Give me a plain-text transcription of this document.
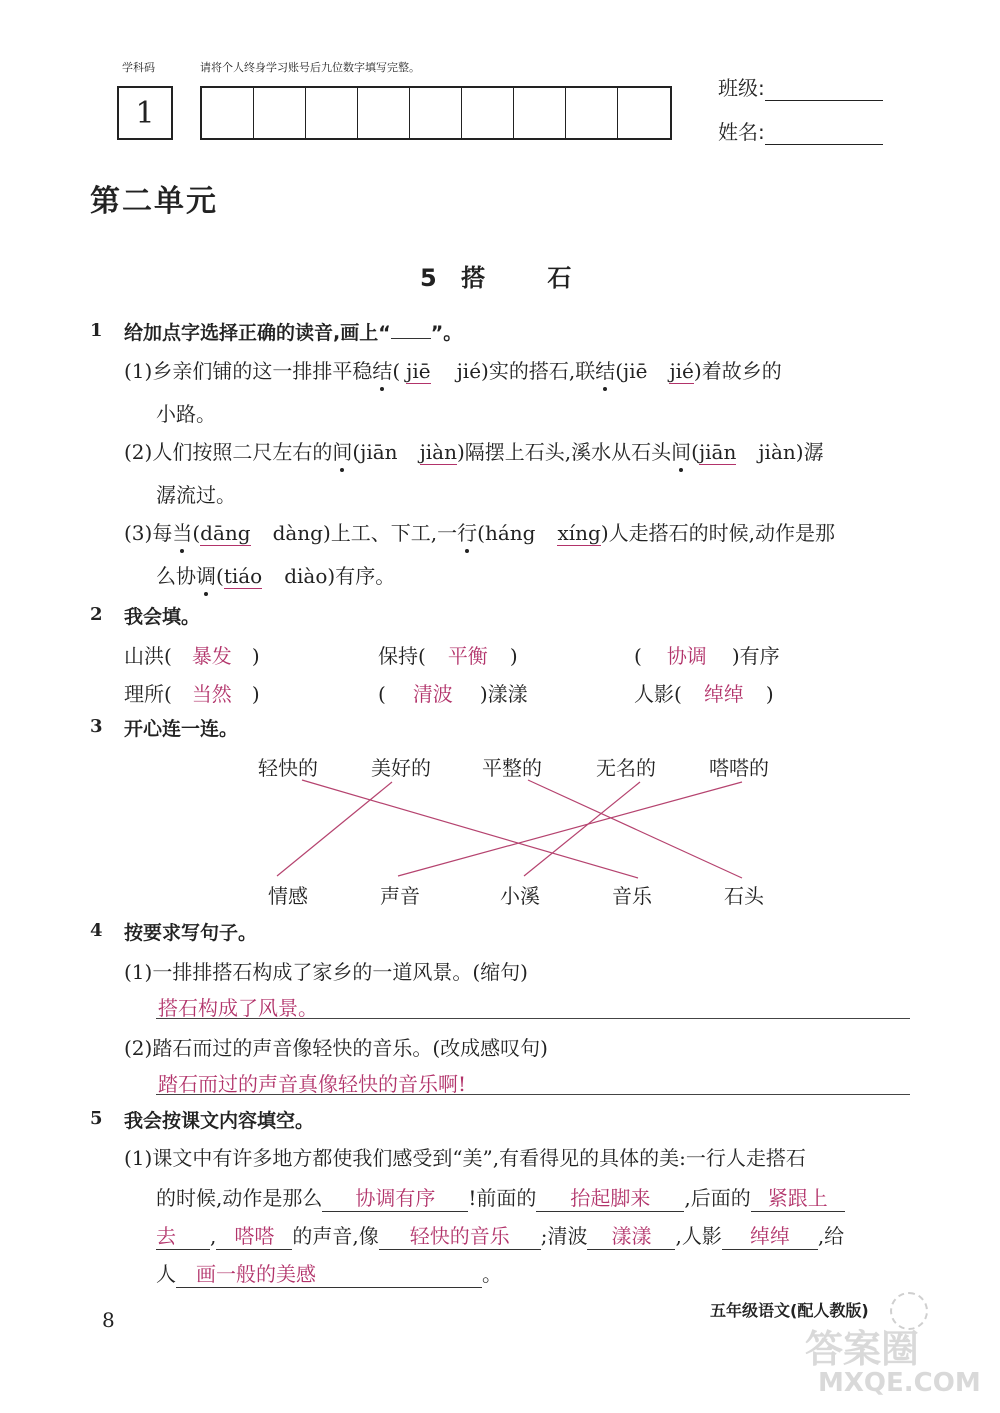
学科码	请将个人终身学习账号后九位数字填写完整。
1
班级:
姓名:
第二单元
5 搭	石
1 给加点字选择正确的读音,画上“ ”。
(1)乡亲们铺的这一排排平稳结( jiē jié)实的搭石,联结(jiē jié)着故乡的
小路。
(2)人们按照二尺左右的间(jiān jiàn)隔摆上石头,溪水从石头间(jiān jiàn)潺
潺流过。
(3)每当(dāng dàng)上工、下工,一行(háng xíng)人走搭石的时候,动作是那
么协调(tiáo diào)有序。
2 我会填。
山洪( 暴发 )	保持( 平衡 )	( 协调 )有序
理所( 当然 )	( 清波 )漾漾	人影( 绰绰 )
3 开心连一连。
轻快的	美好的	平整的	无名的	嗒嗒的
情感	声音	小溪	音乐	石头
4 按要求写句子。
(1)一排排搭石构成了家乡的一道风景。(缩句)
搭石构成了风景。
(2)踏石而过的声音像轻快的音乐。(改成感叹句)
踏石而过的声音真像轻快的音乐啊!
5 我会按课文内容填空。
(1)课文中有许多地方都使我们感受到“美”,有看得见的具体的美:一行人走搭石
的时候,动作是那么 协调有序 !前面的 抬起脚来 ,后面的 紧跟上
去 , 嗒嗒 的声音,像 轻快的音乐 ;清波 漾漾 ,人影 绰绰 ,给
人 画一般的美感	。
8	五年级语文(配人教版)
答案圈
MXQE.COM
